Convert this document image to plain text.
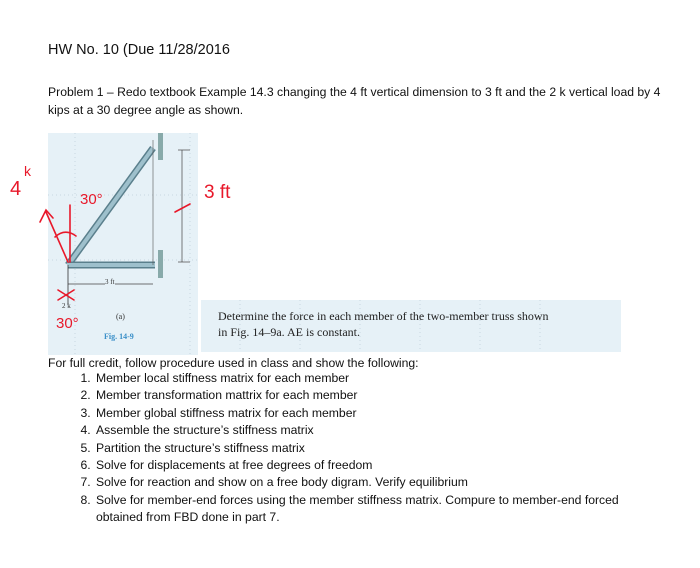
HW No. 10 (Due 11/28/2016
Problem 1 – Redo textbook Example 14.3 changing the 4 ft vertical dimension to 3 ft and the 2 k vertical load by 4 kips at a 30 degree angle as shown.
4
k
30°	3 ft
30°
3 ft
2 k
(a)
Fig. 14-9
Determine the force in each member of the two-member truss shown
in Fig. 14–9a. AE is constant.
For full credit, follow procedure used in class and show the following:
1. Member local stiffness matrix for each member
2. Member transformation mattrix for each member
3. Member global stiffness matrix for each member
4. Assemble the structure’s stiffness matrix
5. Partition the structure’s stiffness matrix
6. Solve for displacements at free degrees of freedom
7. Solve for reaction and show on a free body digram. Verify equilibrium
8. Solve for member-end forces using the member stiffness matrix. Compure to member-end forced obtained from FBD done in part 7.
